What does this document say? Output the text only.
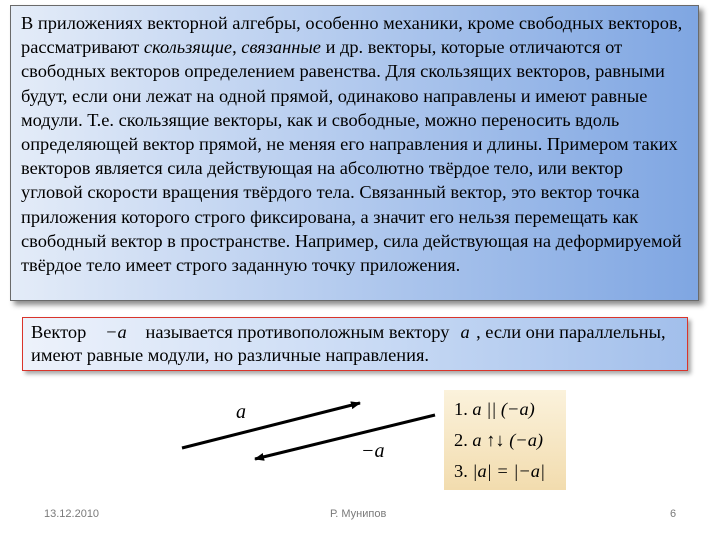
В приложениях векторной алгебры, особенно механики, кроме свободных векторов, рассматривают скользящие, связанные и др. векторы, которые отличаются от свободных векторов определением равенства. Для скользящих векторов, равными будут, если они лежат на одной прямой, одинаково направлены и имеют равные модули. Т.е. скользящие векторы, как и свободные, можно переносить вдоль определяющей вектор прямой, не меняя его направления и длины. Примером таких векторов является сила действующая на абсолютно твёрдое тело, или вектор угловой скорости вращения твёрдого тела. Связанный вектор, это вектор точка приложения которого строго фиксирована, а значит его нельзя перемещать как свободный вектор в пространстве. Например, сила действующая на деформируемой твёрдое тело имеет строго заданную точку приложения.
Вектор −a называется противоположным вектору a , если они параллельны, имеют равные модули, но различные направления.
a
−a
1. a || (−a)
2. a ↑↓ (−a)
3. |a| = |−a|
13.12.2010	Р. Мунипов	6
